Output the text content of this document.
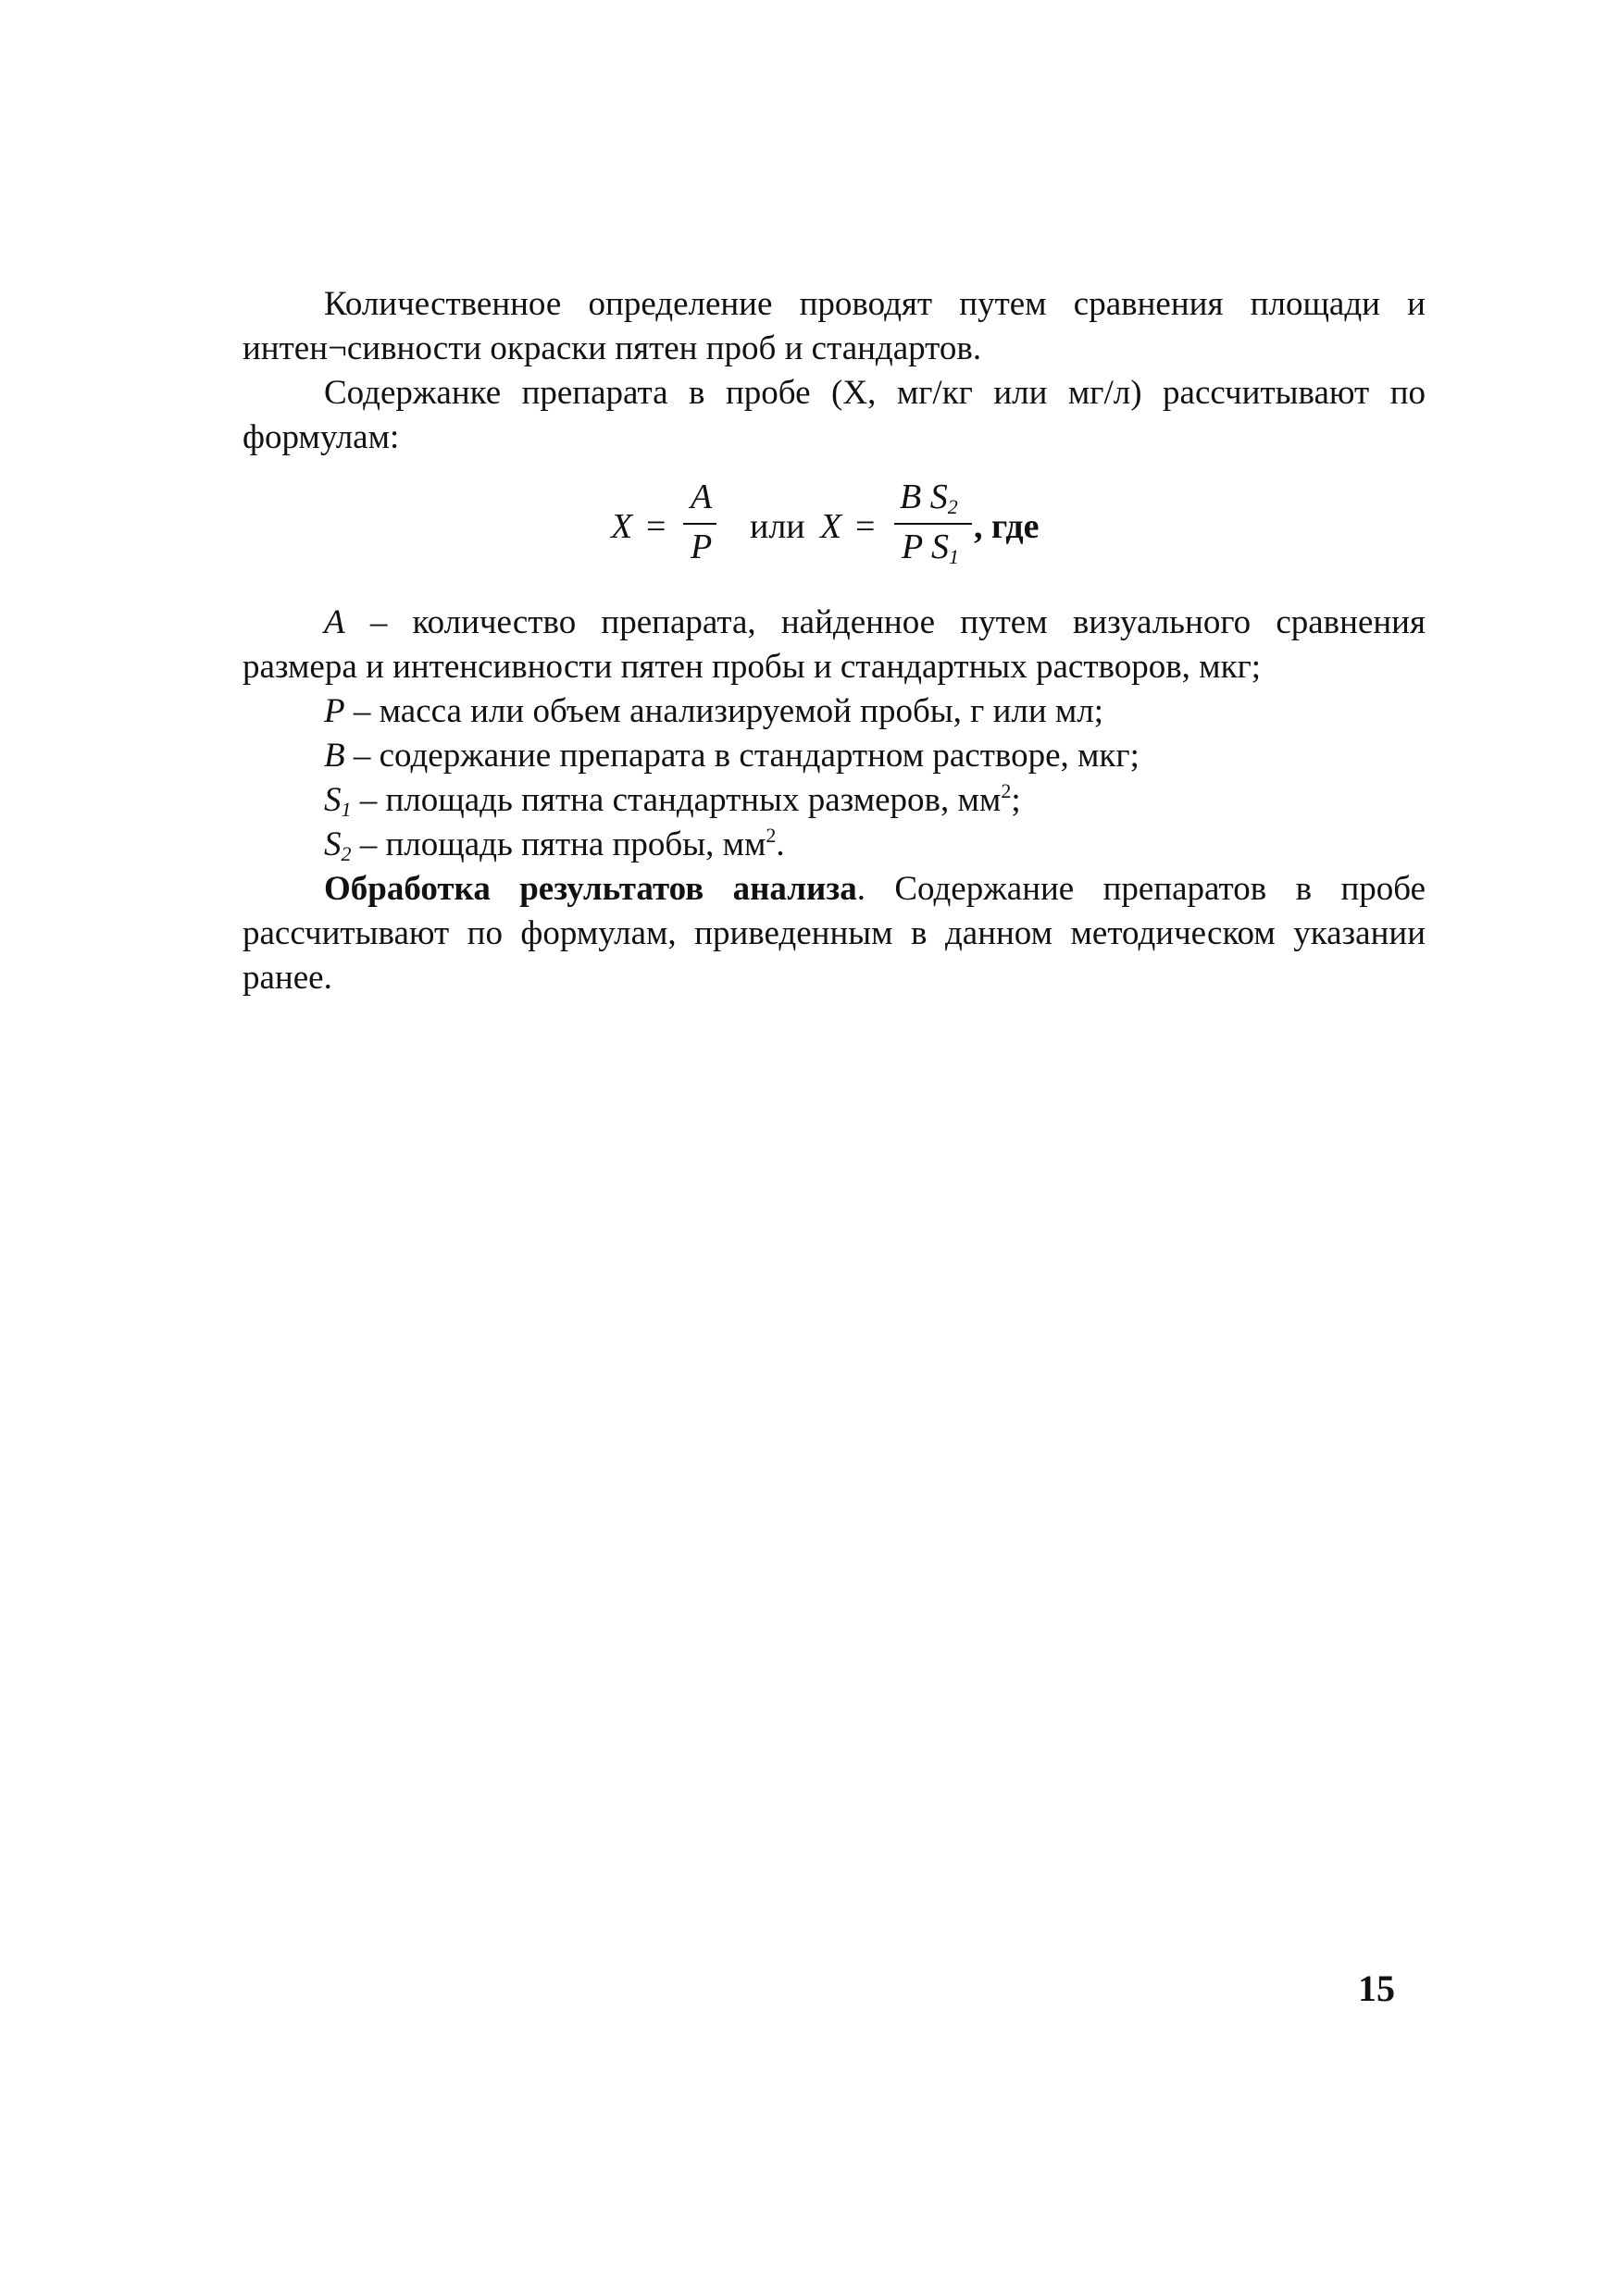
Количественное определение проводят путем сравнения площади и интен¬сивности окраски пятен проб и стандартов.

Содержанке препарата в пробе (X, мг/кг или мг/л) рассчитывают по формулам:

X =
A
P
или X =
B $S_2$
P $S_1$
, где

A – количество препарата, найденное путем визуального сравнения размера и интенсивности пятен пробы и стандартных растворов, мкг;

P – масса или объем анализируемой пробы, г или мл;

B – содержание препарата в стандартном растворе, мкг;

$S_1$ – площадь пятна стандартных размеров, $мм^2$;

$S_2$ – площадь пятна пробы, $мм^2$.

Обработка результатов анализа. Содержание препаратов в пробе рассчитывают по формулам, приведенным в данном методическом указании ранее.

15
